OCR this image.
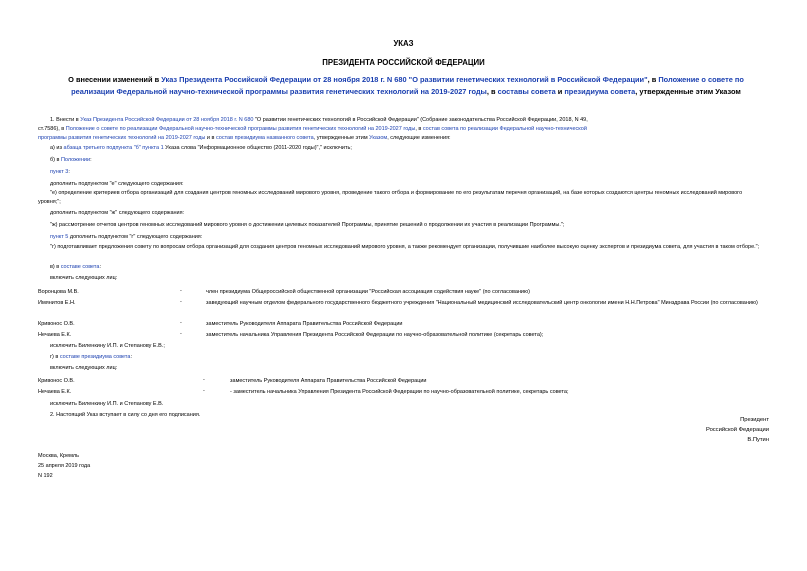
УКАЗ
ПРЕЗИДЕНТА РОССИЙСКОЙ ФЕДЕРАЦИИ
О внесении изменений в Указ Президента Российской Федерации от 28 ноября 2018 г. N 680 "О развитии генетических технологий в Российской Федерации", в Положение о совете по реализации Федеральной научно-технической программы развития генетических технологий на 2019-2027 годы, в составы совета и президиума совета, утвержденные этим Указом
1. Внести в Указ Президента Российской Федерации от 28 ноября 2018 г. N 680 "О развитии генетических технологий в Российской Федерации" (Собрание законодательства Российской Федерации, 2018, N 49,
ст.7586), в Положение о совете по реализации Федеральной научно-технической программы развития генетических технологий на 2019-2027 годы, в состав совета по реализации Федеральной научно-технической
программы развития генетических технологий на 2019-2027 годы и в состав президиума названного совета, утвержденные этим Указом, следующие изменения:
а) из абзаца третьего подпункта "б" пункта 1 Указа слова "Информационное общество (2011-2020 годы)"," исключить;
б) в Положении:
пункт 3:
дополнить подпунктом "е" следующего содержания:
"е) определение критериев отбора организаций для создания центров геномных исследований мирового уровня, проведение такого отбора и формирование по его результатам перечня организаций, на базе которых создаются центры геномных исследований мирового уровня;";
дополнить подпунктом "ж" следующего содержания:
"ж) рассмотрение отчетов центров геномных исследований мирового уровня о достижении целевых показателей Программы, принятие решений о продолжении их участия в реализации Программы.";
пункт 5 дополнить подпунктом "г" следующего содержания:
"г) подготавливает предложения совету по вопросам отбора организаций для создания центров геномных исследований мирового уровня, а также рекомендует организации, получившие наиболее высокую оценку экспертов и президиума совета, для участия в таком отборе.";
в) в составе совета:
включить следующих лиц:
Воронцова М.В.	-	член президиума Общероссийской общественной организации "Российская ассоциация содействия науке" (по согласованию)
Имянитов Е.Н.	-	заведующий научным отделом федерального государственного бюджетного учреждения "Национальный медицинский исследовательский центр онкологии имени Н.Н.Петрова" Минздрава России (по согласованию)
Кривонос О.В.	-	заместитель Руководителя Аппарата Правительства Российской Федерации
Нечаева Е.К.	-	заместитель начальника Управления Президента Российской Федерации по научно-образовательной политике (секретарь совета);
исключить Биленкину И.П. и Степанову Е.В.;
г) в составе президиума совета:
включить следующих лиц:
Кривонос О.В.	-	заместитель Руководителя Аппарата Правительства Российской Федерации
Нечаева Е.К.	-	- заместитель начальника Управления Президента Российской Федерации по научно-образовательной политике, секретарь совета;
исключить Биленкину И.П. и Степанову Е.В.
2. Настоящий Указ вступает в силу со дня его подписания.
Президент
Российской Федерации
В.Путин
Москва, Кремль
25 апреля 2019 года
N 192
